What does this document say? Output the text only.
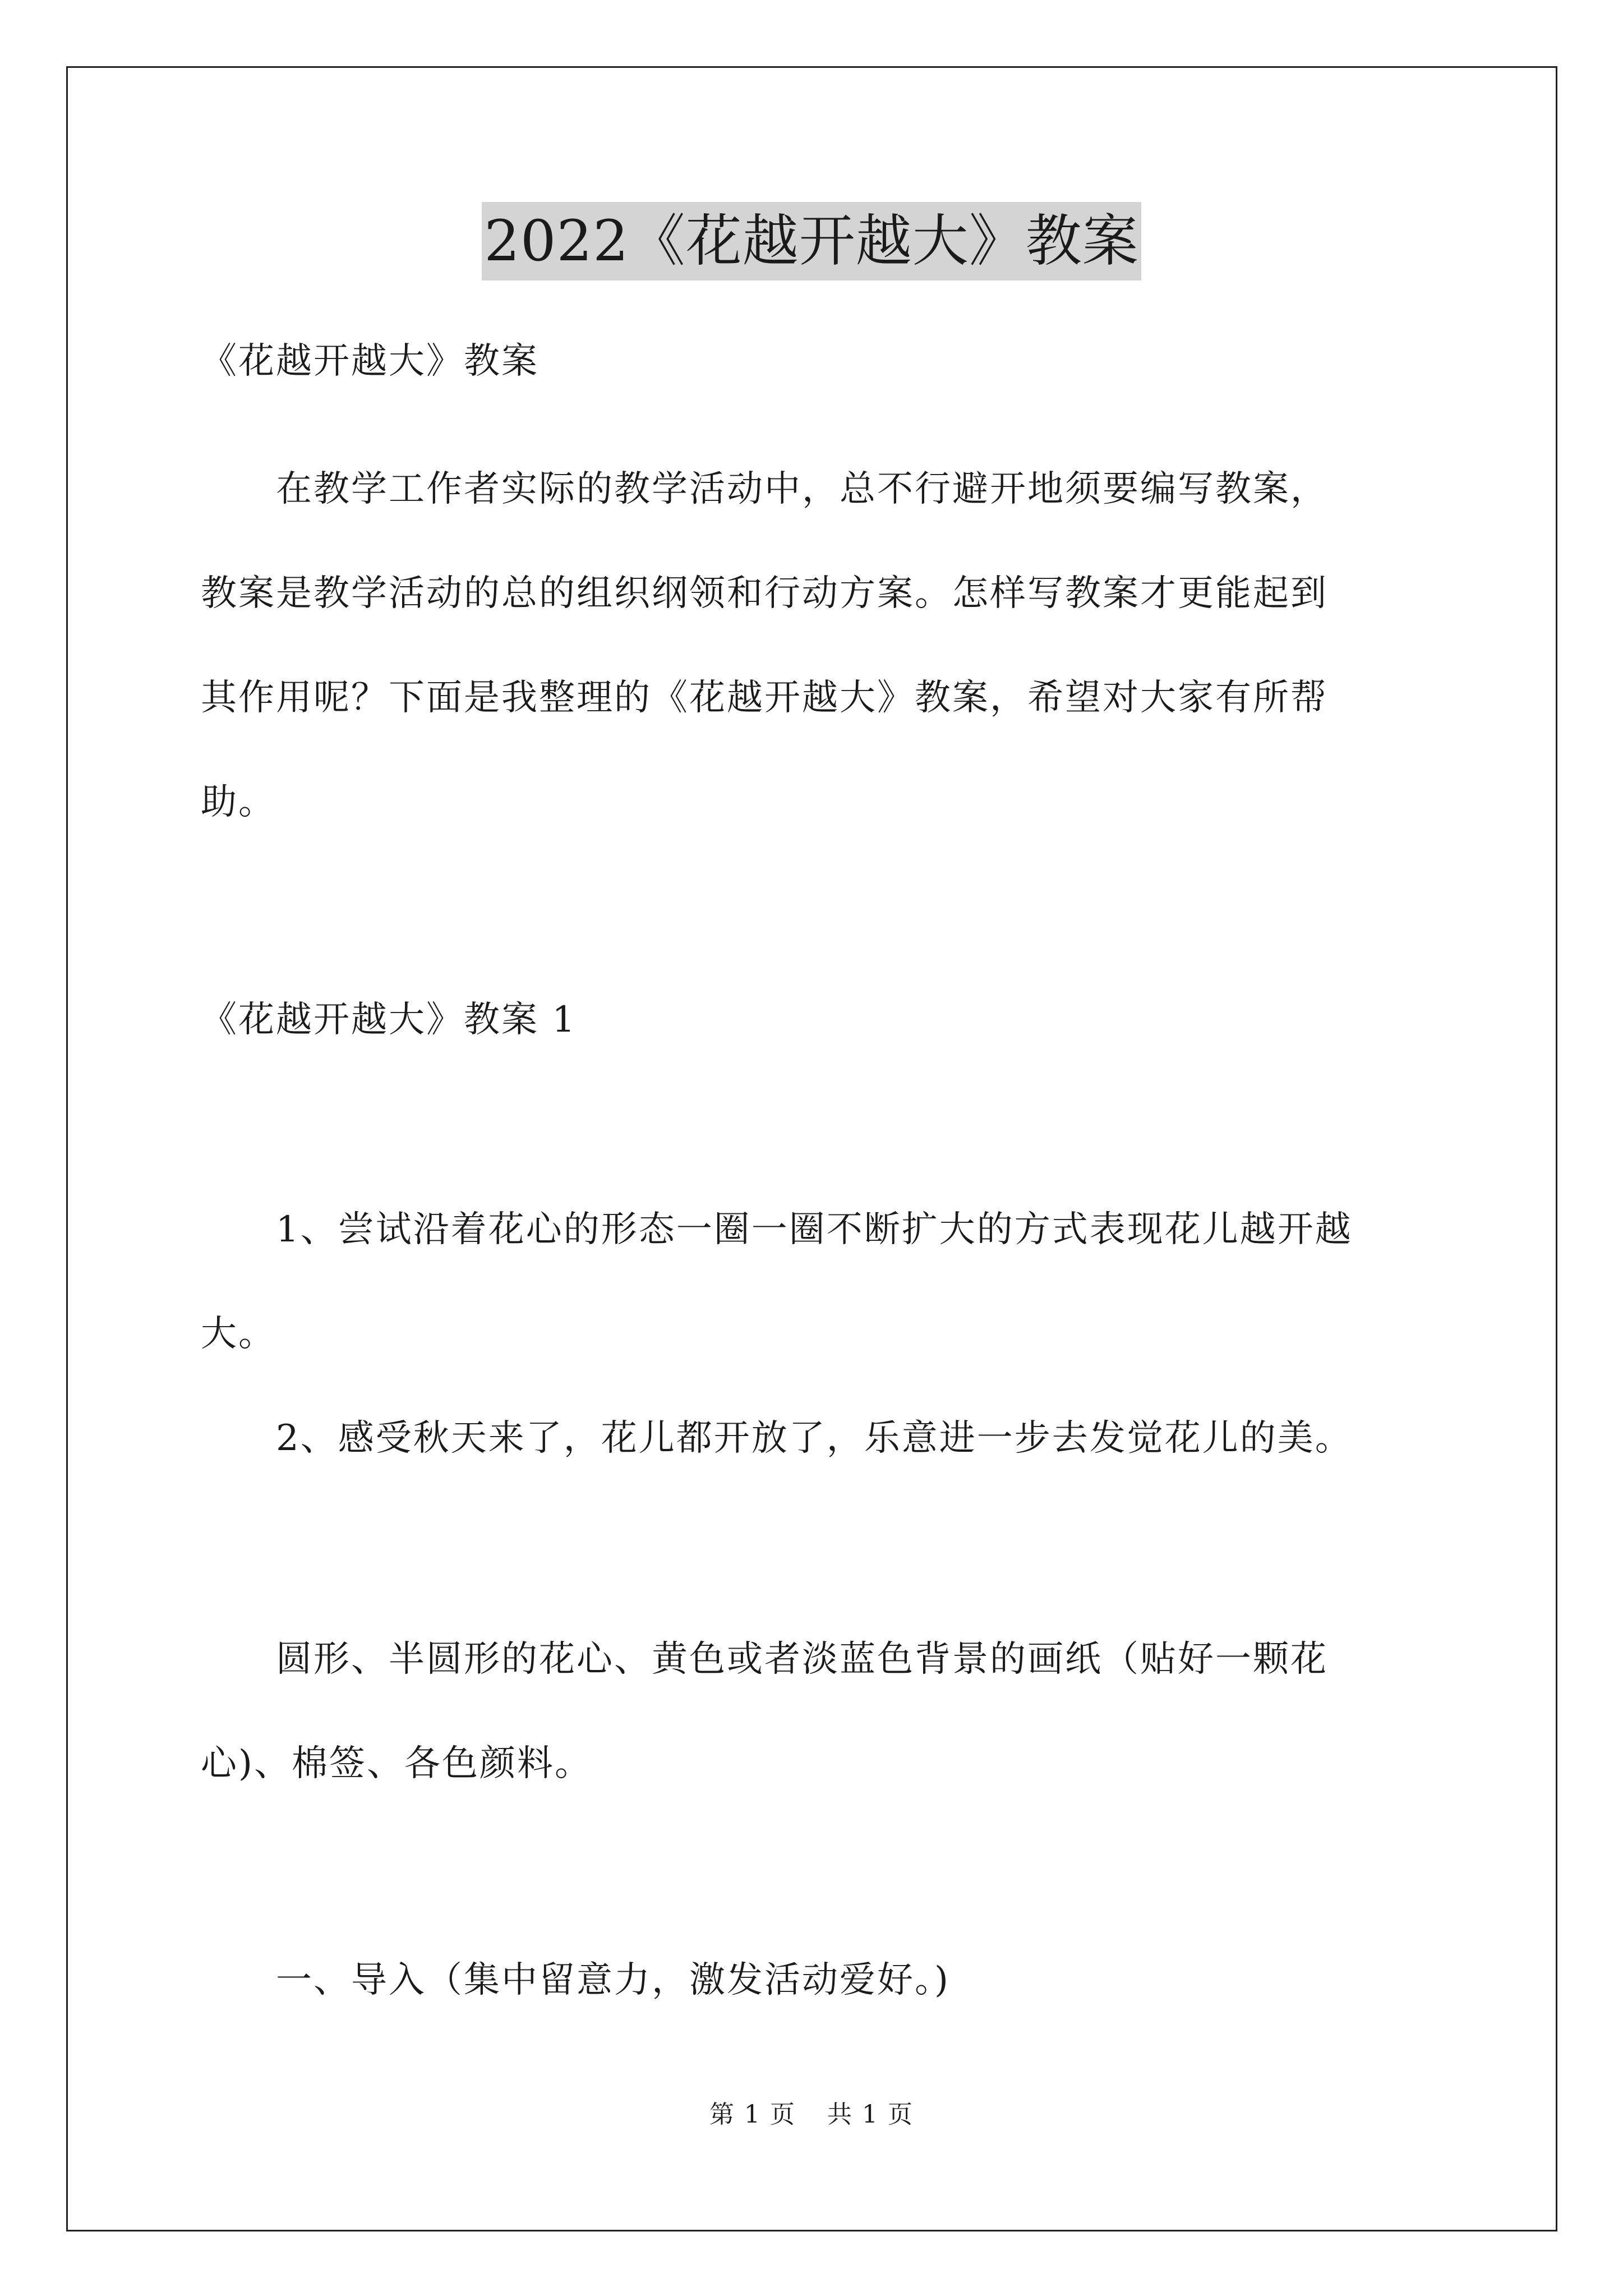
2022《花越开越大》教案
《花越开越大》教案
　　在教学工作者实际的教学活动中，总不行避开地须要编写教案，
教案是教学活动的总的组织纲领和行动方案。怎样写教案才更能起到
其作用呢？下面是我整理的《花越开越大》教案，希望对大家有所帮
助。
《花越开越大》教案 1
　　1、尝试沿着花心的形态一圈一圈不断扩大的方式表现花儿越开越
大。
　　2、感受秋天来了，花儿都开放了，乐意进一步去发觉花儿的美。
　　圆形、半圆形的花心、黄色或者淡蓝色背景的画纸（贴好一颗花
心)、棉签、各色颜料。
　　一、导入（集中留意力，激发活动爱好。)
第 1 页 共 1 页
